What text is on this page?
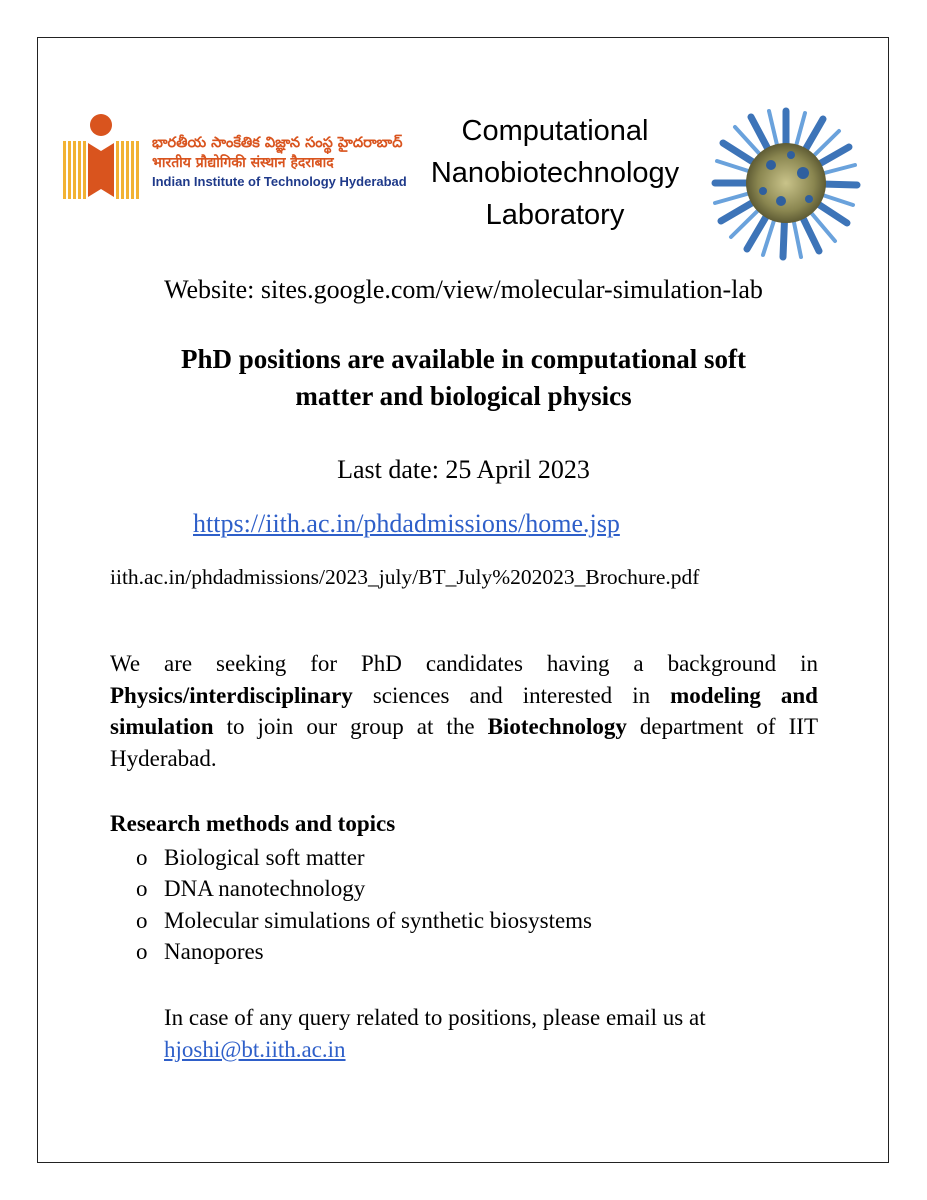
భారతీయ సాంకేతిక విజ్ఞాన సంస్థ హైదరాబాద్
भारतीय प्रौद्योगिकी संस्थान हैदराबाद
Indian Institute of Technology Hyderabad
Computational
Nanobiotechnology
Laboratory
Website: sites.google.com/view/molecular-simulation-lab
PhD positions are available in computational soft
matter and biological physics
Last date: 25 April 2023
https://iith.ac.in/phdadmissions/home.jsp
iith.ac.in/phdadmissions/2023_july/BT_July%202023_Brochure.pdf
We are seeking for PhD candidates having a background in Physics/interdisciplinary sciences and interested in modeling and simulation to join our group at the Biotechnology department of IIT Hyderabad.
Research methods and topics
o Biological soft matter
o DNA nanotechnology
o Molecular simulations of synthetic biosystems
o Nanopores
In case of any query related to positions, please email us at hjoshi@bt.iith.ac.in
